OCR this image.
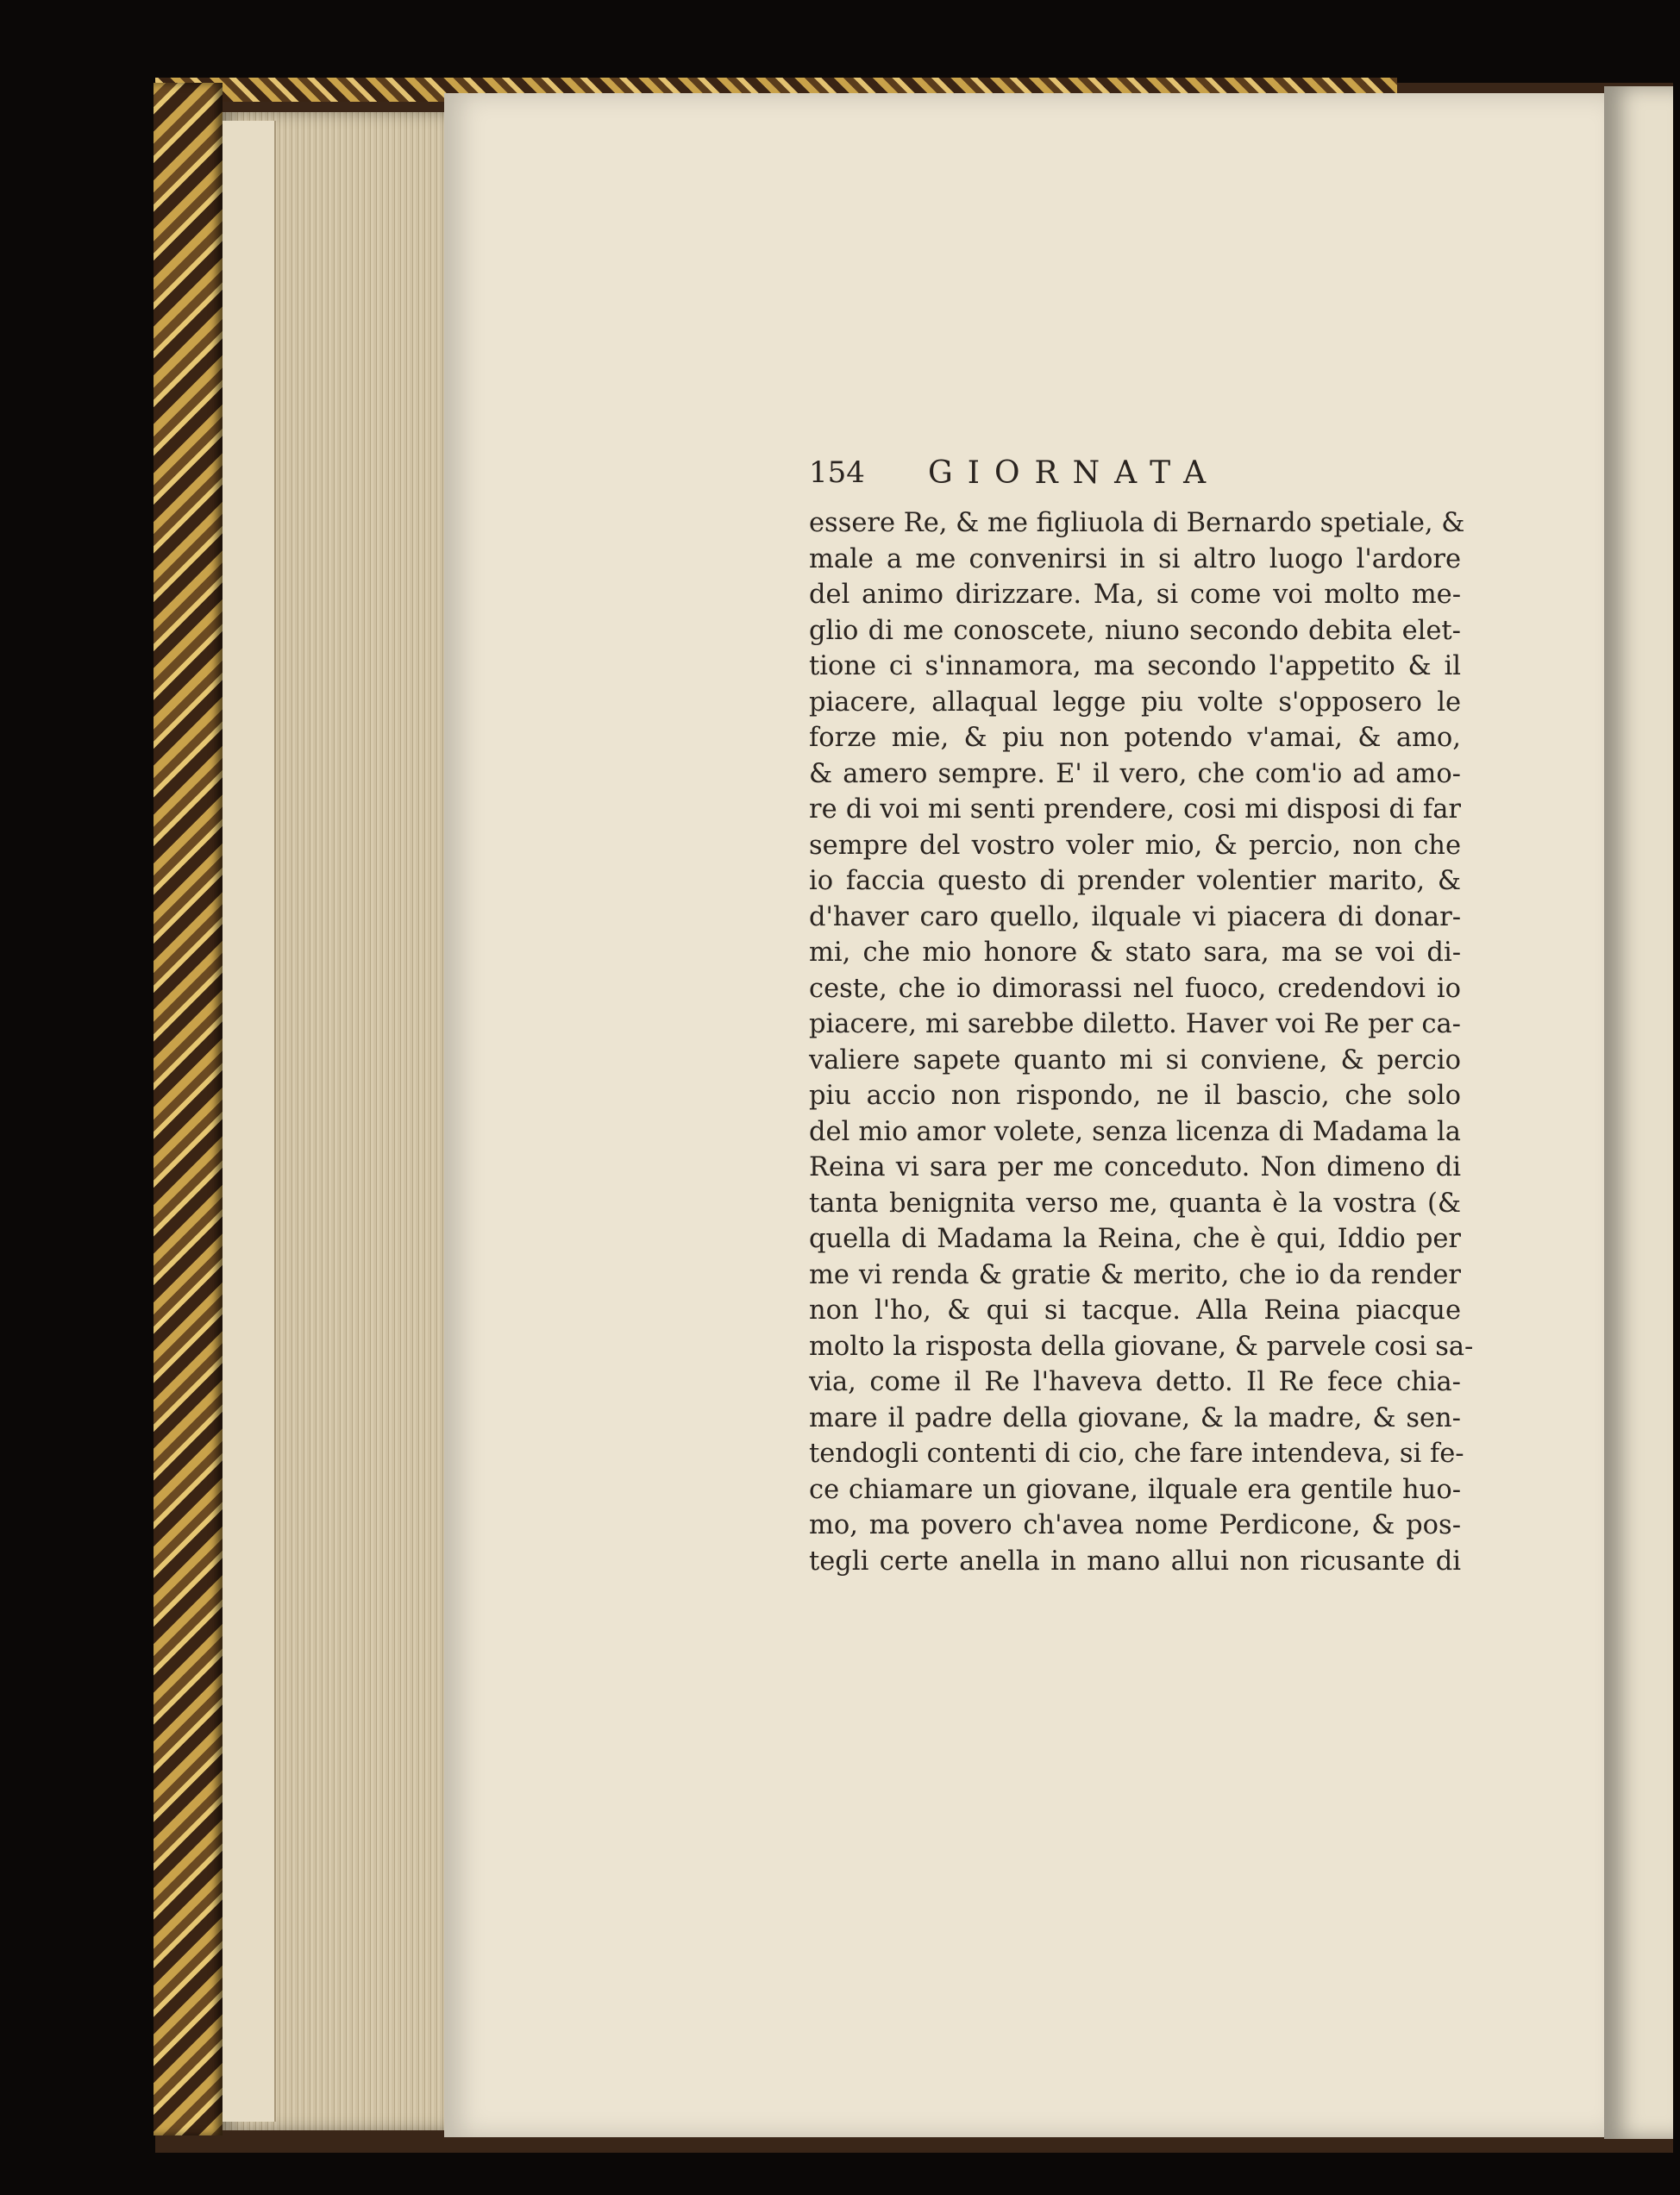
154 GIORNATA
essere Re, & me figliuola di Bernardo spetiale, &
male a me convenirsi in si altro luogo l'ardore
del animo dirizzare. Ma, si come voi molto me-
glio di me conoscete, niuno secondo debita elet-
tione ci s'innamora, ma secondo l'appetito & il
piacere, allaqual legge piu volte s'opposero le
forze mie, & piu non potendo v'amai, & amo,
& amero sempre. E' il vero, che com'io ad amo-
re di voi mi senti prendere, cosi mi disposi di far
sempre del vostro voler mio, & percio, non che
io faccia questo di prender volentier marito, &
d'haver caro quello, ilquale vi piacera di donar-
mi, che mio honore & stato sara, ma se voi di-
ceste, che io dimorassi nel fuoco, credendovi io
piacere, mi sarebbe diletto. Haver voi Re per ca-
valiere sapete quanto mi si conviene, & percio
piu accio non rispondo, ne il bascio, che solo
del mio amor volete, senza licenza di Madama la
Reina vi sara per me conceduto. Non dimeno di
tanta benignita verso me, quanta è la vostra (&
quella di Madama la Reina, che è qui, Iddio per
me vi renda & gratie & merito, che io da render
non l'ho, & qui si tacque. Alla Reina piacque
molto la risposta della giovane, & parvele cosi sa-
via, come il Re l'haveva detto. Il Re fece chia-
mare il padre della giovane, & la madre, & sen-
tendogli contenti di cio, che fare intendeva, si fe-
ce chiamare un giovane, ilquale era gentile huo-
mo, ma povero ch'avea nome Perdicone, & pos-
tegli certe anella in mano allui non ricusante di
